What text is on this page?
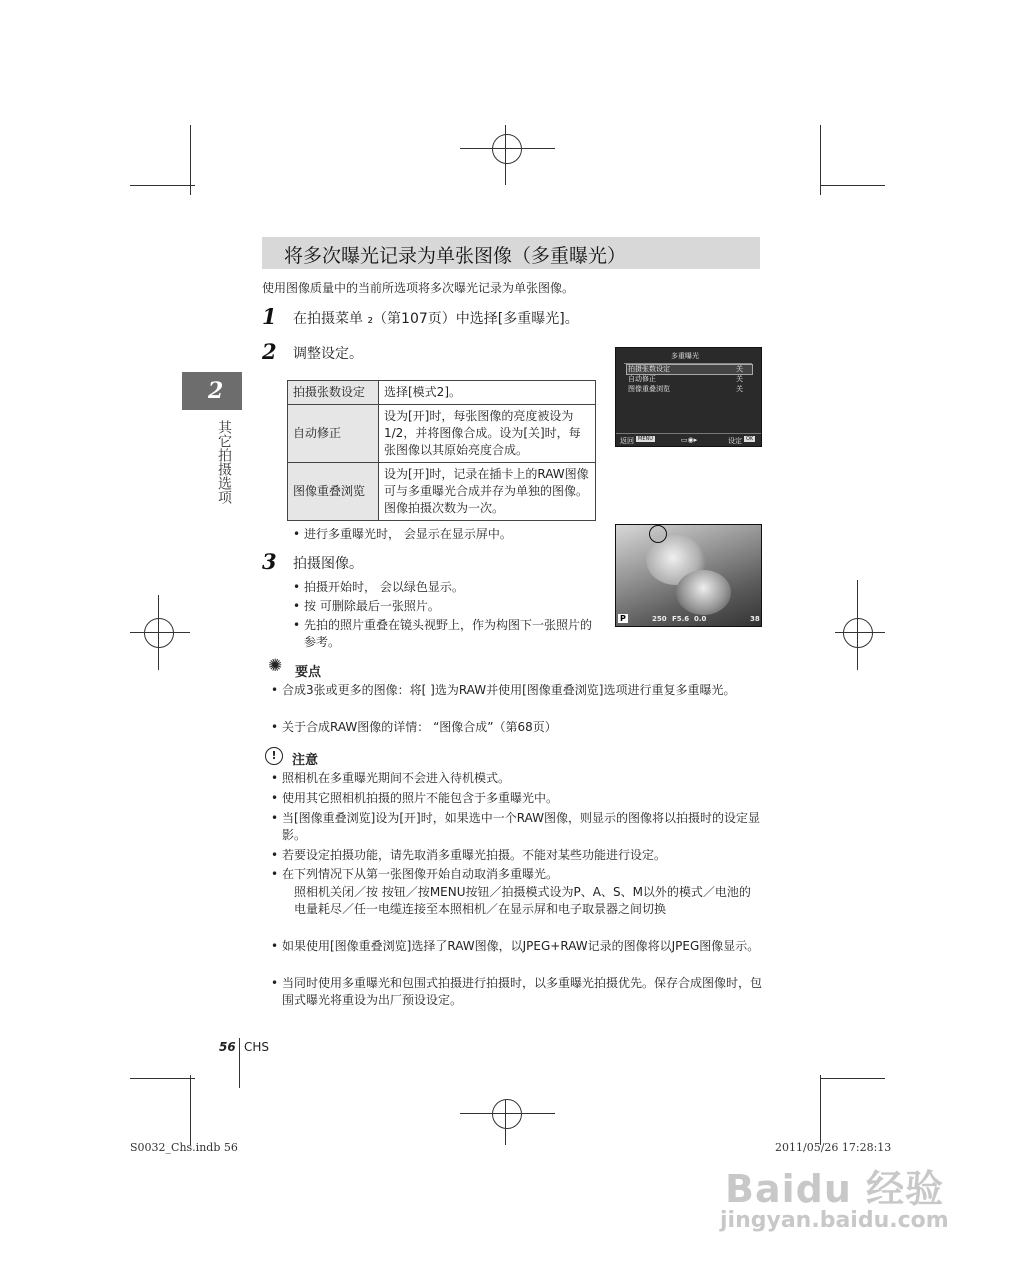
将多次曝光记录为单张图像（多重曝光）
使用图像质量中的当前所选项将多次曝光记录为单张图像。
2
其它拍摄选项
1 在拍摄菜单 ₂（第107页）中选择[多重曝光]。
2 调整设定。
拍摄张数设定	选择[模式2]。
自动修正	设为[开]时，每张图像的亮度被设为1/2，并将图像合成。设为[关]时，每张图像以其原始亮度合成。
图像重叠浏览	设为[开]时，记录在插卡上的RAW图像可与多重曝光合成并存为单独的图像。图像拍摄次数为一次。
• 进行多重曝光时， 会显示在显示屏中。
多重曝光
拍摄张数设定	关
自动修正	关
图像重叠浏览	关
返回 MENU	▭◉▸	设定 OK
P	250 F5.6 0.0	38
3 拍摄图像。
• 拍摄开始时， 会以绿色显示。
• 按 可删除最后一张照片。
• 先拍的照片重叠在镜头视野上，作为构图下一张照片的参考。
✺ 要点
• 合成3张或更多的图像：将[ ]选为RAW并使用[图像重叠浏览]选项进行重复多重曝光。
• 关于合成RAW图像的详情： “图像合成”（第68页）
!	注意
• 照相机在多重曝光期间不会进入待机模式。
• 使用其它照相机拍摄的照片不能包含于多重曝光中。
• 当[图像重叠浏览]设为[开]时，如果选中一个RAW图像，则显示的图像将以拍摄时的设定显影。
• 若要设定拍摄功能，请先取消多重曝光拍摄。不能对某些功能进行设定。
• 在下列情况下从第一张图像开始自动取消多重曝光。
照相机关闭／按 按钮／按MENU按钮／拍摄模式设为P、A、S、M以外的模式／电池的电量耗尽／任一电缆连接至本照相机／在显示屏和电子取景器之间切换
• 如果使用[图像重叠浏览]选择了RAW图像，以JPEG+RAW记录的图像将以JPEG图像显示。
• 当同时使用多重曝光和包围式拍摄进行拍摄时，以多重曝光拍摄优先。保存合成图像时，包围式曝光将重设为出厂预设设定。
56 CHS
S0032_Chs.indb 56	2011/05/26 17:28:13
Baidu 经验
jingyan.baidu.com
